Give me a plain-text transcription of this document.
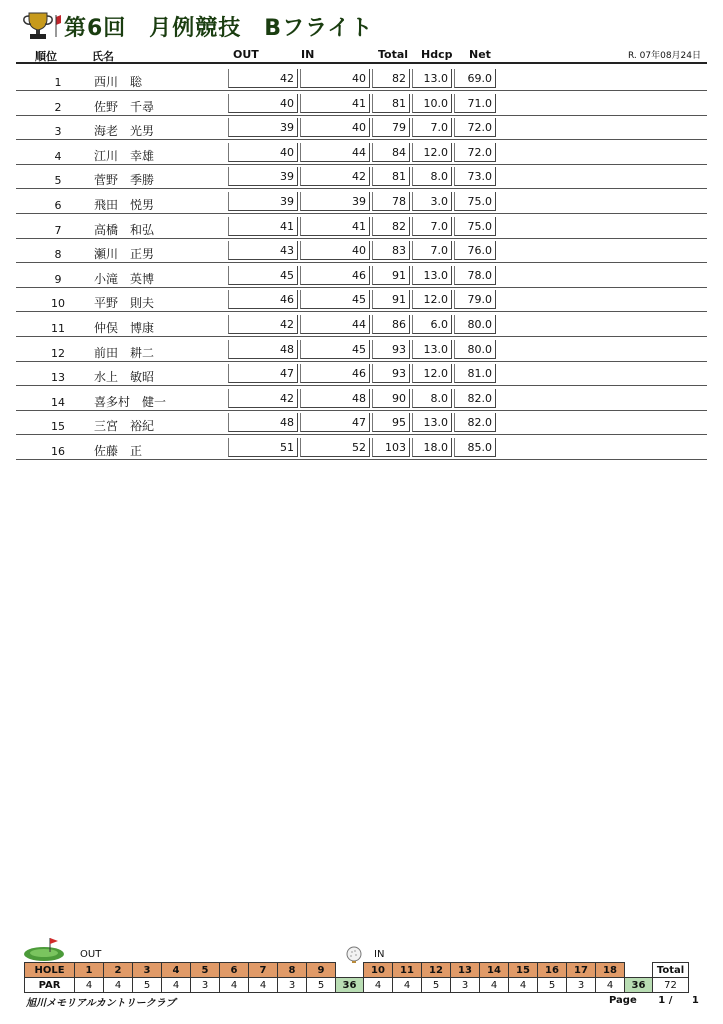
第6回　月例競技　Bフライト
順位	氏名	OUT	IN	Total Hdcp Net	R. 07年08月24日
1	西川　聡	42	40	82	13.0	69.0
2	佐野　千尋	40	41	81	10.0	71.0
3	海老　光男	39	40	79	7.0	72.0
4	江川　幸雄	40	44	84	12.0	72.0
5	菅野　季勝	39	42	81	8.0	73.0
6	飛田　悦男	39	39	78	3.0	75.0
7	高橋　和弘	41	41	82	7.0	75.0
8	瀬川　正男	43	40	83	7.0	76.0
9	小滝　英博	45	46	91	13.0	78.0
10	平野　則夫	46	45	91	12.0	79.0
11	仲俣　博康	42	44	86	6.0	80.0
12	前田　耕二	48	45	93	13.0	80.0
13	水上　敏昭	47	46	93	12.0	81.0
14	喜多村　健一	42	48	90	8.0	82.0
15	三宮　裕紀	48	47	95	13.0	82.0
16	佐藤　正	51	52	103	18.0	85.0
OUT	IN
HOLE	1	2	3	4	5	6	7	8	9		10	11	12	13	14	15	16	17	18		Total
PAR	4	4	5	4	3	4	4	3	5	36	4	4	5	3	4	4	5	3	4	36	72
旭川メモリアルカントリークラブ	Page 1 / 1
